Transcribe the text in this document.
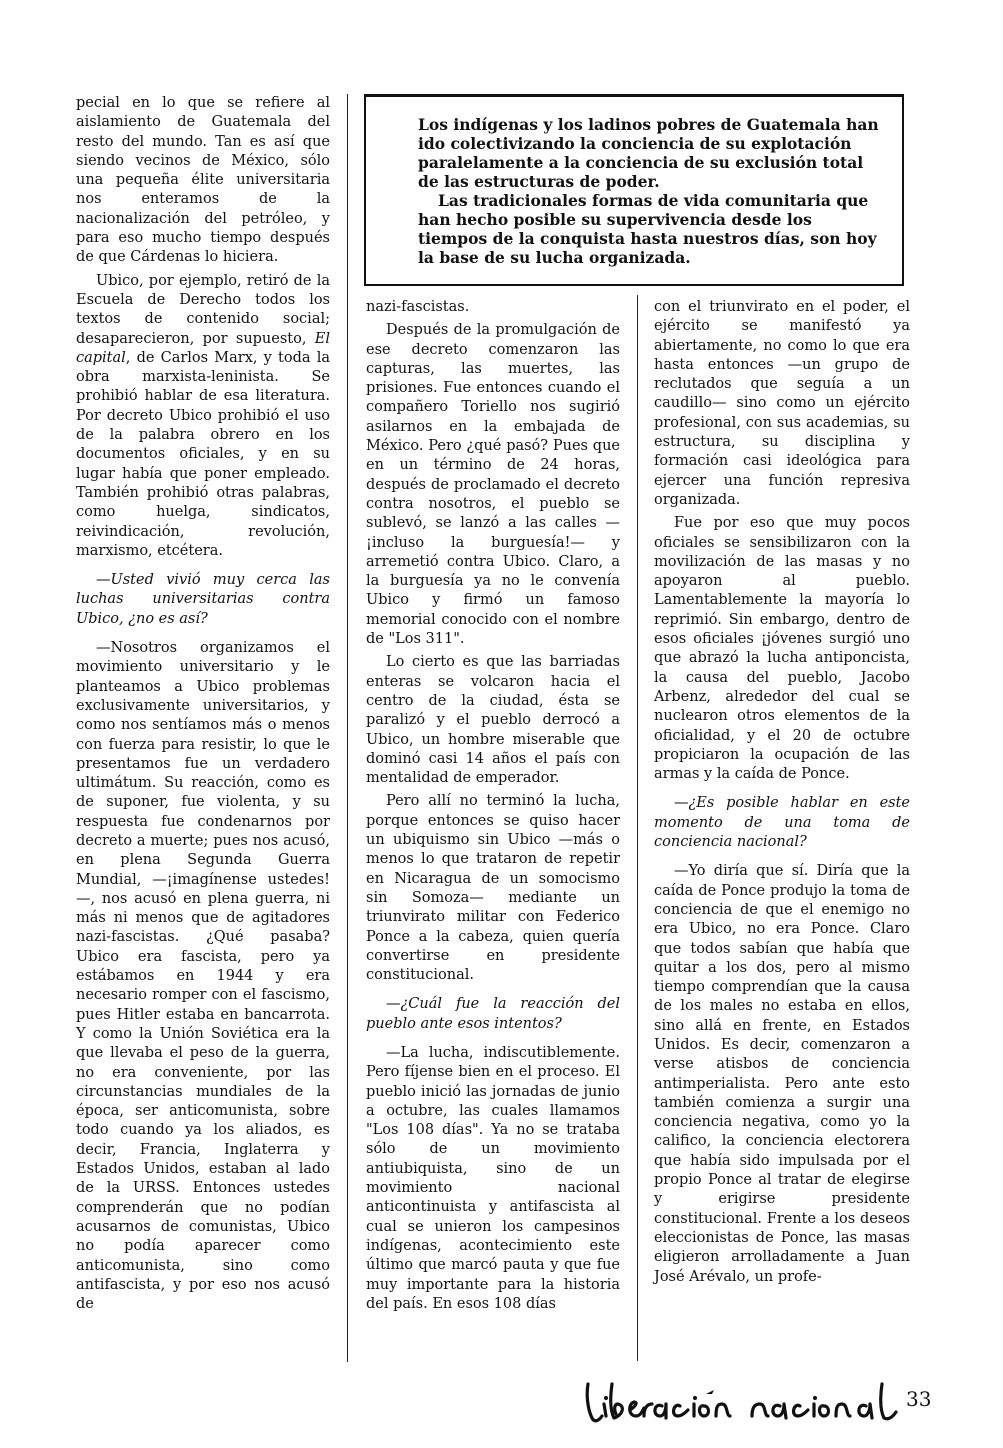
Los indígenas y los ladinos pobres de Guatemala han ido colectivizando la conciencia de su explotación paralelamente a la conciencia de su exclusión total de las estructuras de poder.

Las tradicionales formas de vida comunitaria que han hecho posible su supervivencia desde los tiempos de la conquista hasta nuestros días, son hoy la base de su lucha organizada.

pecial en lo que se refiere al aislamiento de Guatemala del resto del mundo. Tan es así que siendo vecinos de México, sólo una pequeña élite universitaria nos enteramos de la nacionalización del petróleo, y para eso mucho tiempo después de que Cárdenas lo hiciera.

Ubico, por ejemplo, retiró de la Escuela de Derecho todos los textos de contenido social; desaparecieron, por supuesto, El capital, de Carlos Marx, y toda la obra marxista-leninista. Se prohibió hablar de esa literatura. Por decreto Ubico prohibió el uso de la palabra obrero en los documentos oficiales, y en su lugar había que poner empleado. También prohibió otras palabras, como huelga, sindicatos, reivindicación, revolución, marxismo, etcétera.

—Usted vivió muy cerca las luchas universitarias contra Ubico, ¿no es así?

—Nosotros organizamos el movimiento universitario y le planteamos a Ubico problemas exclusivamente universitarios, y como nos sentíamos más o menos con fuerza para resistir, lo que le presentamos fue un verdadero ultimátum. Su reacción, como es de suponer, fue violenta, y su respuesta fue condenarnos por decreto a muerte; pues nos acusó, en plena Segunda Guerra Mundial, —¡imagínense ustedes!—, nos acusó en plena guerra, ni más ni menos que de agitadores nazi-fascistas. ¿Qué pasaba? Ubico era fascista, pero ya estábamos en 1944 y era necesario romper con el fascismo, pues Hitler estaba en bancarrota. Y como la Unión Soviética era la que llevaba el peso de la guerra, no era conveniente, por las circunstancias mundiales de la época, ser anticomunista, sobre todo cuando ya los aliados, es decir, Francia, Inglaterra y Estados Unidos, estaban al lado de la URSS. Entonces ustedes comprenderán que no podían acusarnos de comunistas, Ubico no podía aparecer como anticomunista, sino como antifascista, y por eso nos acusó de

nazi-fascistas.

Después de la promulgación de ese decreto comenzaron las capturas, las muertes, las prisiones. Fue entonces cuando el compañero Toriello nos sugirió asilarnos en la embajada de México. Pero ¿qué pasó? Pues que en un término de 24 horas, después de proclamado el decreto contra nosotros, el pueblo se sublevó, se lanzó a las calles — ¡incluso la burguesía!— y arremetió contra Ubico. Claro, a la burguesía ya no le convenía Ubico y firmó un famoso memorial conocido con el nombre de "Los 311".

Lo cierto es que las barriadas enteras se volcaron hacia el centro de la ciudad, ésta se paralizó y el pueblo derrocó a Ubico, un hombre miserable que dominó casi 14 años el país con mentalidad de emperador.

Pero allí no terminó la lucha, porque entonces se quiso hacer un ubiquismo sin Ubico —más o menos lo que trataron de repetir en Nicaragua de un somocismo sin Somoza— mediante un triunvirato militar con Federico Ponce a la cabeza, quien quería convertirse en presidente constitucional.

—¿Cuál fue la reacción del pueblo ante esos intentos?

—La lucha, indiscutiblemente. Pero fíjense bien en el proceso. El pueblo inició las jornadas de junio a octubre, las cuales llamamos "Los 108 días". Ya no se trataba sólo de un movimiento antiubiquista, sino de un movimiento nacional anticontinuista y antifascista al cual se unieron los campesinos indígenas, acontecimiento este último que marcó pauta y que fue muy importante para la historia del país. En esos 108 días

con el triunvirato en el poder, el ejército se manifestó ya abiertamente, no como lo que era hasta entonces —un grupo de reclutados que seguía a un caudillo— sino como un ejército profesional, con sus academias, su estructura, su disciplina y formación casi ideológica para ejercer una función represiva organizada.

Fue por eso que muy pocos oficiales se sensibilizaron con la movilización de las masas y no apoyaron al pueblo. Lamentablemente la mayoría lo reprimió. Sin embargo, dentro de esos oficiales ¡jóvenes surgió uno que abrazó la lucha antiponcista, la causa del pueblo, Jacobo Arbenz, alrededor del cual se nuclearon otros elementos de la oficialidad, y el 20 de octubre propiciaron la ocupación de las armas y la caída de Ponce.

—¿Es posible hablar en este momento de una toma de conciencia nacional?

—Yo diría que sí. Diría que la caída de Ponce produjo la toma de conciencia de que el enemigo no era Ubico, no era Ponce. Claro que todos sabían que había que quitar a los dos, pero al mismo tiempo comprendían que la causa de los males no estaba en ellos, sino allá en frente, en Estados Unidos. Es decir, comenzaron a verse atisbos de conciencia antimperialista. Pero ante esto también comienza a surgir una conciencia negativa, como yo la califico, la conciencia electorera que había sido impulsada por el propio Ponce al tratar de elegirse y erigirse presidente constitucional. Frente a los deseos eleccionistas de Ponce, las masas eligieron arrolladamente a Juan José Arévalo, un profe-

33
